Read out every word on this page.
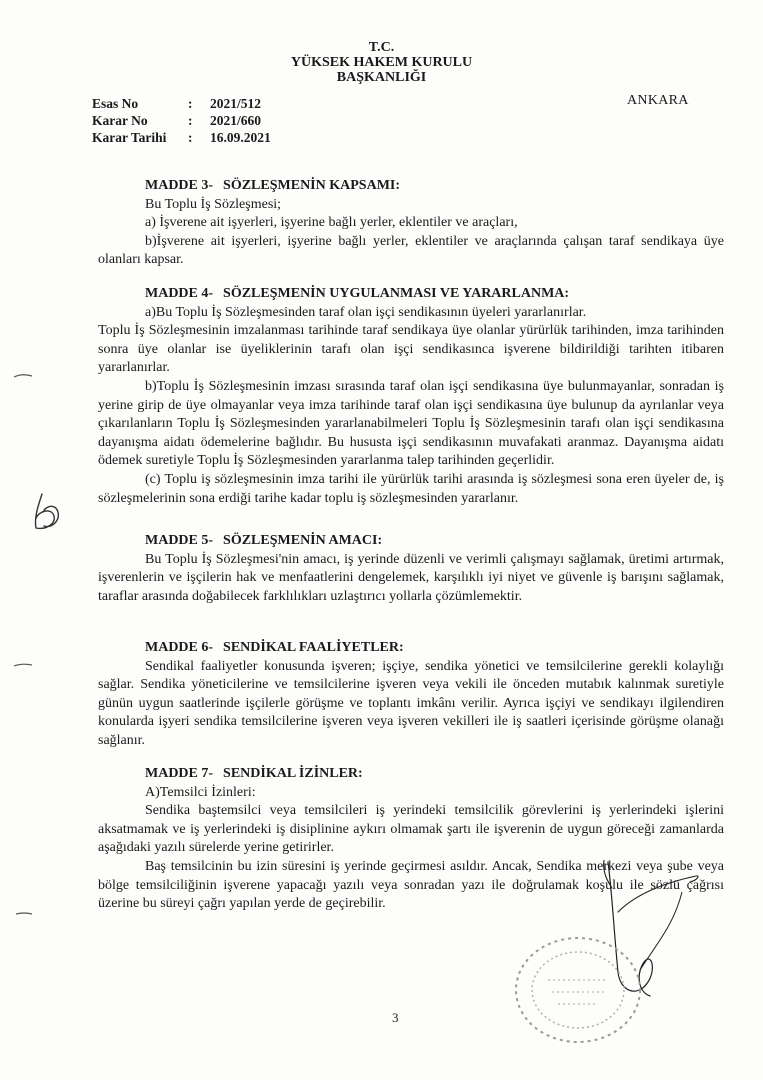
T.C.
YÜKSEK HAKEM KURULU
BAŞKANLIĞI
Esas No	:	2021/512
Karar No	:	2021/660
Karar Tarihi	:	16.09.2021
ANKARA
MADDE 3- SÖZLEŞMENİN KAPSAMI:

Bu Toplu İş Sözleşmesi;

a) İşverene ait işyerleri, işyerine bağlı yerler, eklentiler ve araçları,

b)İşverene ait işyerleri, işyerine bağlı yerler, eklentiler ve araçlarında çalışan taraf sendikaya üye olanları kapsar.

MADDE 4- SÖZLEŞMENİN UYGULANMASI VE YARARLANMA:

a)Bu Toplu İş Sözleşmesinden taraf olan işçi sendikasının üyeleri yararlanırlar.

Toplu İş Sözleşmesinin imzalanması tarihinde taraf sendikaya üye olanlar yürürlük tarihinden, imza tarihinden sonra üye olanlar ise üyeliklerinin tarafı olan işçi sendikasınca işverene bildirildiği tarihten itibaren yararlanırlar.

b)Toplu İş Sözleşmesinin imzası sırasında taraf olan işçi sendikasına üye bulunmayanlar, sonradan iş yerine girip de üye olmayanlar veya imza tarihinde taraf olan işçi sendikasına üye bulunup da ayrılanlar veya çıkarılanların Toplu İş Sözleşmesinden yararlanabilmeleri Toplu İş Sözleşmesinin tarafı olan işçi sendikasına dayanışma aidatı ödemelerine bağlıdır. Bu hususta işçi sendikasının muvafakati aranmaz. Dayanışma aidatı ödemek suretiyle Toplu İş Sözleşmesinden yararlanma talep tarihinden geçerlidir.

(c) Toplu iş sözleşmesinin imza tarihi ile yürürlük tarihi arasında iş sözleşmesi sona eren üyeler de, iş sözleşmelerinin sona erdiği tarihe kadar toplu iş sözleşmesinden yararlanır.

MADDE 5- SÖZLEŞMENİN AMACI:

Bu Toplu İş Sözleşmesi'nin amacı, iş yerinde düzenli ve verimli çalışmayı sağlamak, üretimi artırmak, işverenlerin ve işçilerin hak ve menfaatlerini dengelemek, karşılıklı iyi niyet ve güvenle iş barışını sağlamak, taraflar arasında doğabilecek farklılıkları uzlaştırıcı yollarla çözümlemektir.

MADDE 6- SENDİKAL FAALİYETLER:

Sendikal faaliyetler konusunda işveren; işçiye, sendika yönetici ve temsilcilerine gerekli kolaylığı sağlar. Sendika yöneticilerine ve temsilcilerine işveren veya vekili ile önceden mutabık kalınmak suretiyle günün uygun saatlerinde işçilerle görüşme ve toplantı imkânı verilir. Ayrıca işçiyi ve sendikayı ilgilendiren konularda işyeri sendika temsilcilerine işveren veya işveren vekilleri ile iş saatleri içerisinde görüşme olanağı sağlanır.

MADDE 7- SENDİKAL İZİNLER:

A)Temsilci İzinleri:

Sendika baştemsilci veya temsilcileri iş yerindeki temsilcilik görevlerini iş yerlerindeki işlerini aksatmamak ve iş yerlerindeki iş disiplinine aykırı olmamak şartı ile işverenin de uygun göreceği zamanlarda aşağıdaki yazılı sürelerde yerine getirirler.

Baş temsilcinin bu izin süresini iş yerinde geçirmesi asıldır. Ancak, Sendika merkezi veya şube veya bölge temsilciliğinin işverene yapacağı yazılı veya sonradan yazı ile doğrulamak koşulu ile sözlü çağrısı üzerine bu süreyi çağrı yapılan yerde de geçirebilir.

3
